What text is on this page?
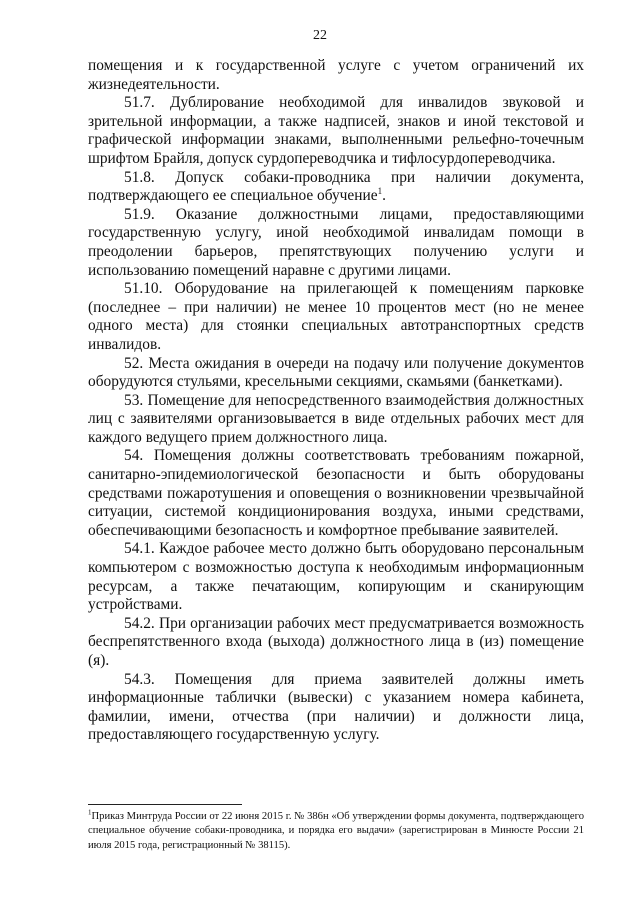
22

помещения и к государственной услуге с учетом ограничений их жизнедеятельности.

51.7. Дублирование необходимой для инвалидов звуковой и зрительной информации, а также надписей, знаков и иной текстовой и графической информации знаками, выполненными рельефно-точечным шрифтом Брайля, допуск сурдопереводчика и тифлосурдопереводчика.

51.8. Допуск собаки-проводника при наличии документа, подтверждающего ее специальное обучение$^1$.

51.9. Оказание должностными лицами, предоставляющими государственную услугу, иной необходимой инвалидам помощи в преодолении барьеров, препятствующих получению услуги и использованию помещений наравне с другими лицами.

51.10. Оборудование на прилегающей к помещениям парковке (последнее – при наличии) не менее 10 процентов мест (но не менее одного места) для стоянки специальных автотранспортных средств инвалидов.

52. Места ожидания в очереди на подачу или получение документов оборудуются стульями, кресельными секциями, скамьями (банкетками).

53. Помещение для непосредственного взаимодействия должностных лиц с заявителями организовывается в виде отдельных рабочих мест для каждого ведущего прием должностного лица.

54. Помещения должны соответствовать требованиям пожарной, санитарно-эпидемиологической безопасности и быть оборудованы средствами пожаротушения и оповещения о возникновении чрезвычайной ситуации, системой кондиционирования воздуха, иными средствами, обеспечивающими безопасность и комфортное пребывание заявителей.

54.1. Каждое рабочее место должно быть оборудовано персональным компьютером с возможностью доступа к необходимым информационным ресурсам, а также печатающим, копирующим и сканирующим устройствами.

54.2. При организации рабочих мест предусматривается возможность беспрепятственного входа (выхода) должностного лица в (из) помещение (я).

54.3. Помещения для приема заявителей должны иметь информационные таблички (вывески) с указанием номера кабинета, фамилии, имени, отчества (при наличии) и должности лица, предоставляющего государственную услугу.

$^1$Приказ Минтруда России от 22 июня 2015 г. № 386н «Об утверждении формы документа, подтверждающего специальное обучение собаки-проводника, и порядка его выдачи» (зарегистрирован в Минюсте России 21 июля 2015 года, регистрационный № 38115).
